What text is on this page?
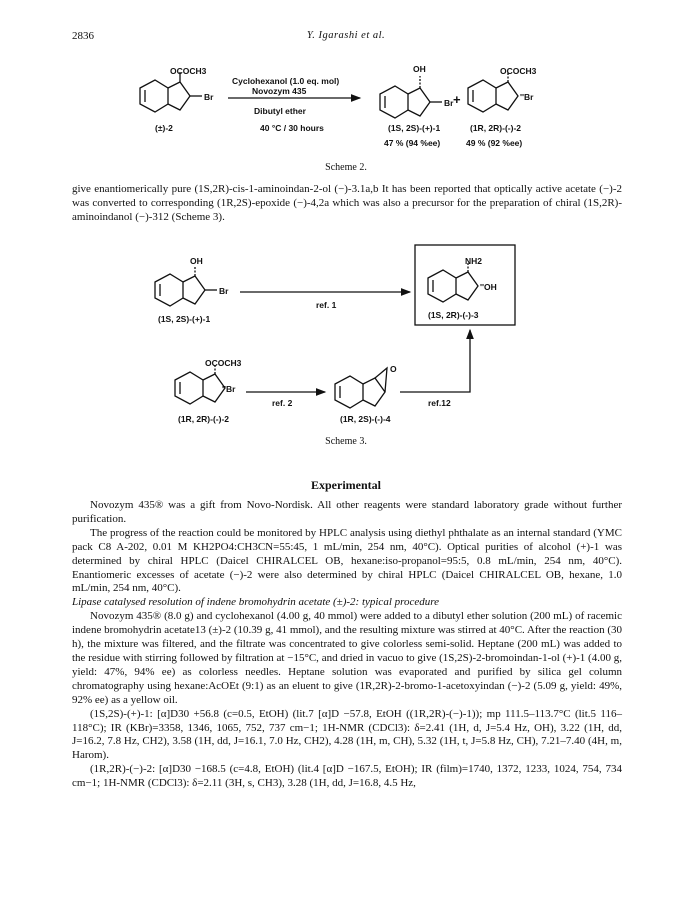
2836	Y. Igarashi et al.
OCOCH3
Br
(±)-2
Cyclohexanol (1.0 eq. mol)
Novozym 435
Dibutyl ether
40 °C / 30 hours
OH
Br
(1S, 2S)-(+)-1
47 % (94 %ee)
+
OCOCH3
''Br
(1R, 2R)-(-)-2
49 % (92 %ee)
OH
Br
(1S, 2S)-(+)-1
ref. 1
NH2
''OH
(1S, 2R)-(-)-3
OCOCH3
''Br
(1R, 2R)-(-)-2
ref. 2
O
(1R, 2S)-(-)-4
ref.12
Scheme 2.

give enantiomerically pure (1S,2R)-cis-1-aminoindan-2-ol (−)-3.1a,b It has been reported that optically active acetate (−)-2 was converted to corresponding (1R,2S)-epoxide (−)-4,2a which was also a precursor for the preparation of chiral (1S,2R)-aminoindanol (−)-312 (Scheme 3).

Scheme 3.
Experimental

Novozym 435® was a gift from Novo-Nordisk. All other reagents were standard laboratory grade without further purification.

The progress of the reaction could be monitored by HPLC analysis using diethyl phthalate as an internal standard (YMC pack C8 A-202, 0.01 M KH2PO4:CH3CN=55:45, 1 mL/min, 254 nm, 40°C). Optical purities of alcohol (+)-1 was determined by chiral HPLC (Daicel CHIRALCEL OB, hexane:iso-propanol=95:5, 0.8 mL/min, 254 nm, 40°C). Enantiomeric excesses of acetate (−)-2 were also determined by chiral HPLC (Daicel CHIRALCEL OB, hexane, 1.0 mL/min, 254 nm, 40°C).

Lipase catalysed resolution of indene bromohydrin acetate (±)-2: typical procedure

Novozym 435® (8.0 g) and cyclohexanol (4.00 g, 40 mmol) were added to a dibutyl ether solution (200 mL) of racemic indene bromohydrin acetate13 (±)-2 (10.39 g, 41 mmol), and the resulting mixture was stirred at 40°C. After the reaction (30 h), the mixture was filtered, and the filtrate was concentrated to give colorless semi-solid. Heptane (200 mL) was added to the residue with stirring followed by filtration at −15°C, and dried in vacuo to give (1S,2S)-2-bromoindan-1-ol (+)-1 (4.00 g, yield: 47%, 94% ee) as colorless needles. Heptane solution was evaporated and purified by silica gel column chromatography using hexane:AcOEt (9:1) as an eluent to give (1R,2R)-2-bromo-1-acetoxyindan (−)-2 (5.09 g, yield: 49%, 92% ee) as a yellow oil.

(1S,2S)-(+)-1: [α]D30 +56.8 (c=0.5, EtOH) (lit.7 [α]D −57.8, EtOH ((1R,2R)-(−)-1)); mp 111.5–113.7°C (lit.5 116–118°C); IR (KBr)=3358, 1346, 1065, 752, 737 cm−1; 1H-NMR (CDCl3): δ=2.41 (1H, d, J=5.4 Hz, OH), 3.22 (1H, dd, J=16.2, 7.8 Hz, CH2), 3.58 (1H, dd, J=16.1, 7.0 Hz, CH2), 4.28 (1H, m, CH), 5.32 (1H, t, J=5.8 Hz, CH), 7.21–7.40 (4H, m, Harom).

(1R,2R)-(−)-2: [α]D30 −168.5 (c=4.8, EtOH) (lit.4 [α]D −167.5, EtOH); IR (film)=1740, 1372, 1233, 1024, 754, 734 cm−1; 1H-NMR (CDCl3): δ=2.11 (3H, s, CH3), 3.28 (1H, dd, J=16.8, 4.5 Hz,
